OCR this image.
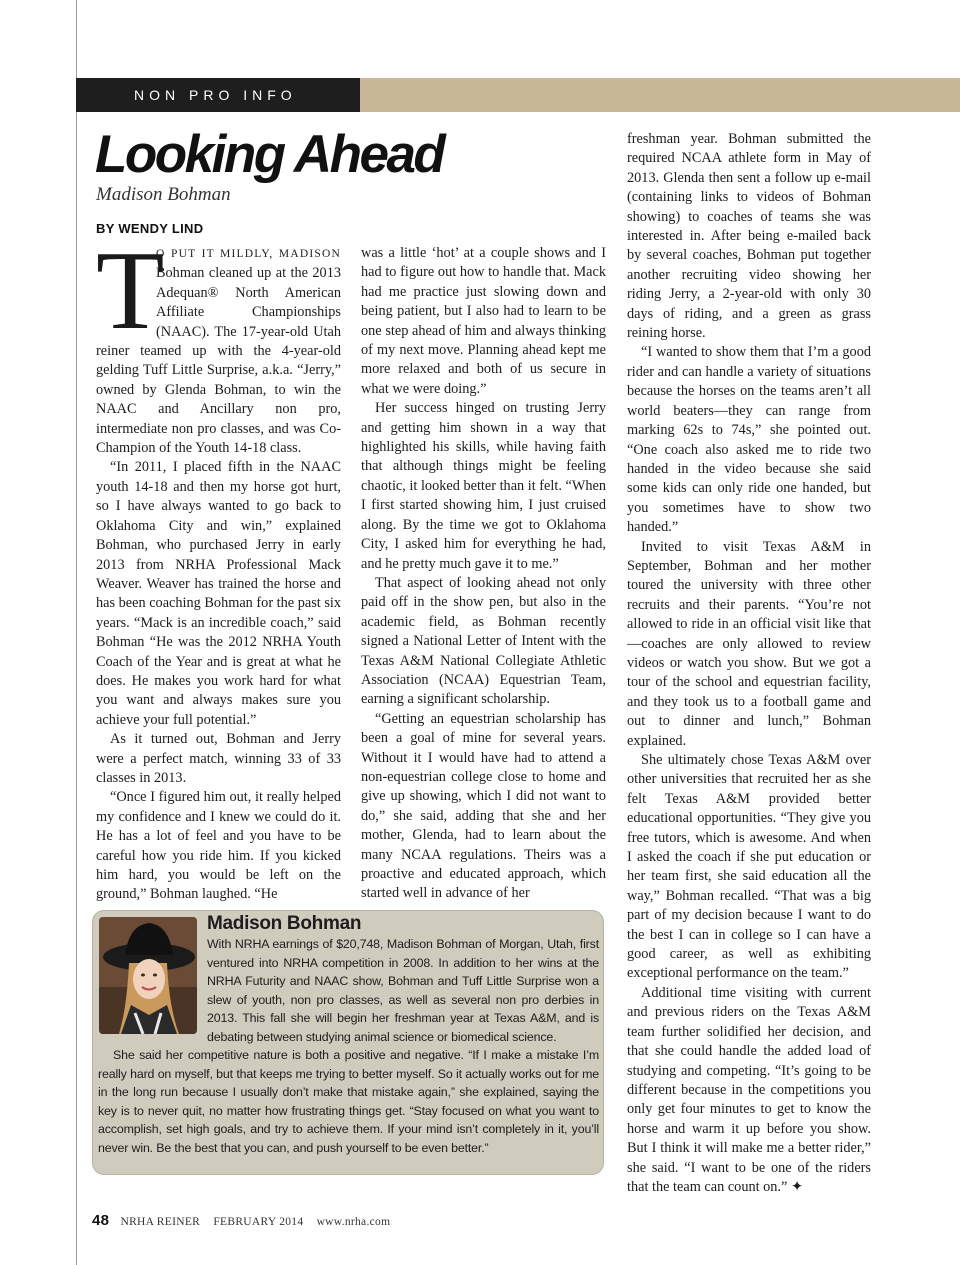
NON PRO INFO
Looking Ahead
Madison Bohman
BY WENDY LIND

T
O PUT IT MILDLY, MADISON Bohman cleaned up at the 2013 Adequan® North American Affiliate Championships (NAAC). The 17-year-old Utah reiner teamed up with the 4-year-old gelding Tuff Little Surprise, a.k.a. “Jerry,” owned by Glenda Bohman, to win the NAAC and Ancillary non pro, intermediate non pro classes, and was Co-Champion of the Youth 14-18 class.

“In 2011, I placed fifth in the NAAC youth 14-18 and then my horse got hurt, so I have always wanted to go back to Oklahoma City and win,” explained Bohman, who purchased Jerry in early 2013 from NRHA Professional Mack Weaver. Weaver has trained the horse and has been coaching Bohman for the past six years. “Mack is an incredible coach,” said Bohman “He was the 2012 NRHA Youth Coach of the Year and is great at what he does. He makes you work hard for what you want and always makes sure you achieve your full potential.”

As it turned out, Bohman and Jerry were a perfect match, winning 33 of 33 classes in 2013.

“Once I figured him out, it really helped my confidence and I knew we could do it. He has a lot of feel and you have to be careful how you ride him. If you kicked him hard, you would be left on the ground,” Bohman laughed. “He

was a little ‘hot’ at a couple shows and I had to figure out how to handle that. Mack had me practice just slowing down and being patient, but I also had to learn to be one step ahead of him and always thinking of my next move. Planning ahead kept me more relaxed and both of us secure in what we were doing.”

Her success hinged on trusting Jerry and getting him shown in a way that highlighted his skills, while having faith that although things might be feeling chaotic, it looked better than it felt. “When I first started showing him, I just cruised along. By the time we got to Oklahoma City, I asked him for everything he had, and he pretty much gave it to me.”

That aspect of looking ahead not only paid off in the show pen, but also in the academic field, as Bohman recently signed a National Letter of Intent with the Texas A&M National Collegiate Athletic Association (NCAA) Equestrian Team, earning a significant scholarship.

“Getting an equestrian scholarship has been a goal of mine for several years. Without it I would have had to attend a non-equestrian college close to home and give up showing, which I did not want to do,” she said, adding that she and her mother, Glenda, had to learn about the many NCAA regulations. Theirs was a proactive and educated approach, which started well in advance of her

freshman year. Bohman submitted the required NCAA athlete form in May of 2013. Glenda then sent a follow up e-mail (containing links to videos of Bohman showing) to coaches of teams she was interested in. After being e-mailed back by several coaches, Bohman put together another recruiting video showing her riding Jerry, a 2-year-old with only 30 days of riding, and a green as grass reining horse.

“I wanted to show them that I’m a good rider and can handle a variety of situations because the horses on the teams aren’t all world beaters—they can range from marking 62s to 74s,” she pointed out. “One coach also asked me to ride two handed in the video because she said some kids can only ride one handed, but you sometimes have to show two handed.”

Invited to visit Texas A&M in September, Bohman and her mother toured the university with three other recruits and their parents. “You’re not allowed to ride in an official visit like that—coaches are only allowed to review videos or watch you show. But we got a tour of the school and equestrian facility, and they took us to a football game and out to dinner and lunch,” Bohman explained.

She ultimately chose Texas A&M over other universities that recruited her as she felt Texas A&M provided better educational opportunities. “They give you free tutors, which is awesome. And when I asked the coach if she put education or her team first, she said education all the way,” Bohman recalled. “That was a big part of my decision because I want to do the best I can in college so I can have a good career, as well as exhibiting exceptional performance on the team.”

Additional time visiting with current and previous riders on the Texas A&M team further solidified her decision, and that she could handle the added load of studying and competing. “It’s going to be different because in the competitions you only get four minutes to get to know the horse and warm it up before you show. But I think it will make me a better rider,” she said. “I want to be one of the riders that the team can count on.” ✦

Madison Bohman

With NRHA earnings of $20,748, Madison Bohman of Morgan, Utah, first ventured into NRHA competition in 2008. In addition to her wins at the NRHA Futurity and NAAC show, Bohman and Tuff Little Surprise won a slew of youth, non pro classes, as well as several non pro derbies in 2013. This fall she will begin her freshman year at Texas A&M, and is debating between studying animal science or biomedical science.

She said her competitive nature is both a positive and negative. “If I make a mistake I’m really hard on myself, but that keeps me trying to better myself. So it actually works out for me in the long run because I usually don’t make that mistake again,” she explained, saying the key is to never quit, no matter how frustrating things get. “Stay focused on what you want to accomplish, set high goals, and try to achieve them. If your mind isn’t completely in it, you’ll never win. Be the best that you can, and push yourself to be even better.”

48 NRHA REINER FEBRUARY 2014 www.nrha.com
